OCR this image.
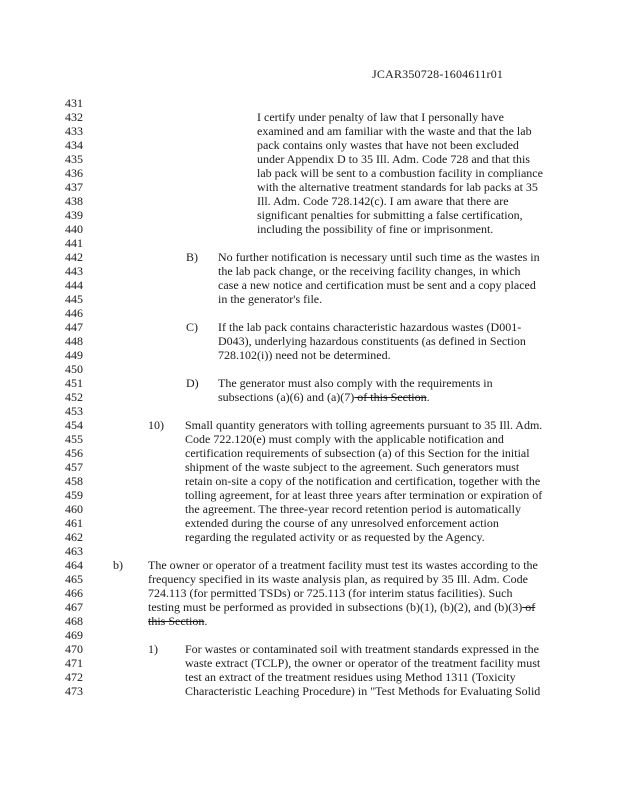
JCAR350728-1604611r01
431
432
433
434
435
436
437
438
439
440
441
442
443
444
445
446
447
448
449
450
451
452
453
454
455
456
457
458
459
460
461
462
463
464
465
466
467
468
469
470
471
472
473
I certify under penalty of law that I personally have
examined and am familiar with the waste and that the lab
pack contains only wastes that have not been excluded
under Appendix D to 35 Ill. Adm. Code 728 and that this
lab pack will be sent to a combustion facility in compliance
with the alternative treatment standards for lab packs at 35
Ill. Adm. Code 728.142(c). I am aware that there are
significant penalties for submitting a false certification,
including the possibility of fine or imprisonment.
B) No further notification is necessary until such time as the wastes in
the lab pack change, or the receiving facility changes, in which
case a new notice and certification must be sent and a copy placed
in the generator's file.
C) If the lab pack contains characteristic hazardous wastes (D001-
D043), underlying hazardous constituents (as defined in Section
728.102(i)) need not be determined.
D) The generator must also comply with the requirements in
subsections (a)(6) and (a)(7) of this Section.
10) Small quantity generators with tolling agreements pursuant to 35 Ill. Adm.
Code 722.120(e) must comply with the applicable notification and
certification requirements of subsection (a) of this Section for the initial
shipment of the waste subject to the agreement. Such generators must
retain on-site a copy of the notification and certification, together with the
tolling agreement, for at least three years after termination or expiration of
the agreement. The three-year record retention period is automatically
extended during the course of any unresolved enforcement action
regarding the regulated activity or as requested by the Agency.
b) The owner or operator of a treatment facility must test its wastes according to the
frequency specified in its waste analysis plan, as required by 35 Ill. Adm. Code
724.113 (for permitted TSDs) or 725.113 (for interim status facilities). Such
testing must be performed as provided in subsections (b)(1), (b)(2), and (b)(3) of
this Section.
1) For wastes or contaminated soil with treatment standards expressed in the
waste extract (TCLP), the owner or operator of the treatment facility must
test an extract of the treatment residues using Method 1311 (Toxicity
Characteristic Leaching Procedure) in "Test Methods for Evaluating Solid
